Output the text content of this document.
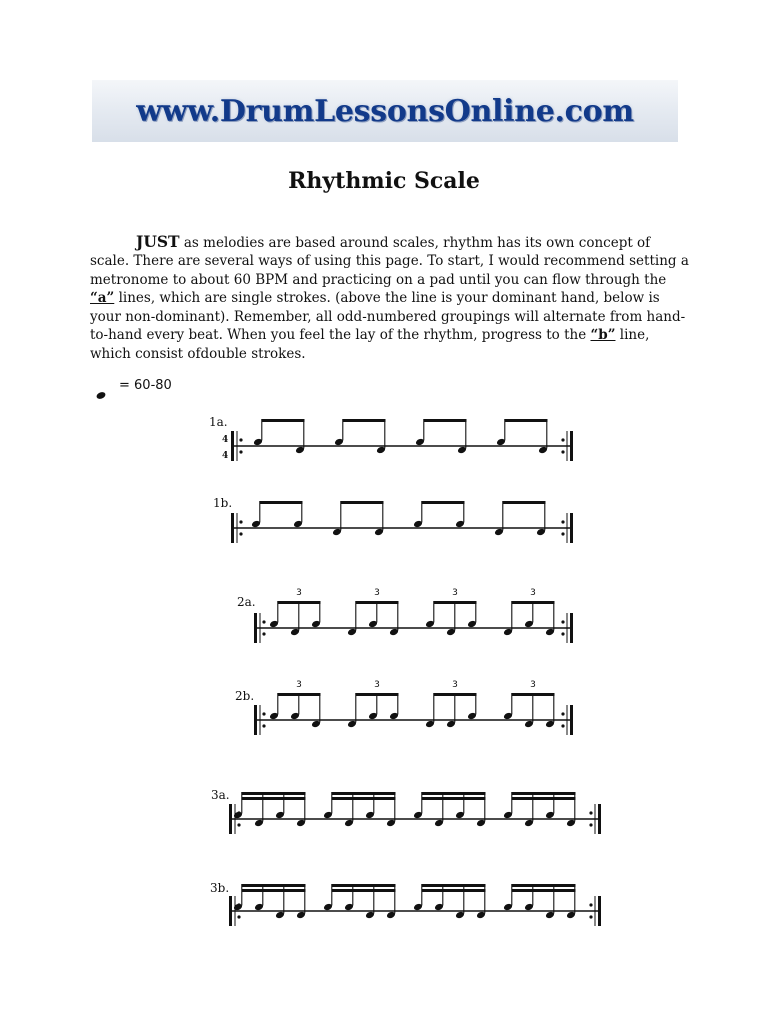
www.DrumLessonsOnline.com
Rhythmic Scale

JUST as melodies are based around scales, rhythm has its own concept of scale. There are several ways of using this page. To start, I would recommend setting a metronome to about 60 BPM and practicing on a pad until you can flow through the “a” lines, which are single strokes. (above the line is your dominant hand, below is your non-dominant). Remember, all odd-numbered groupings will alternate from hand-to-hand every beat. When you feel the lay of the rhythm, progress to the “b” line, which consist ofdouble strokes.

= 60-80
1a.
4
4
1b.
2a.
3	3	3	3
2b.
3	3	3	3
3a.
3b.
